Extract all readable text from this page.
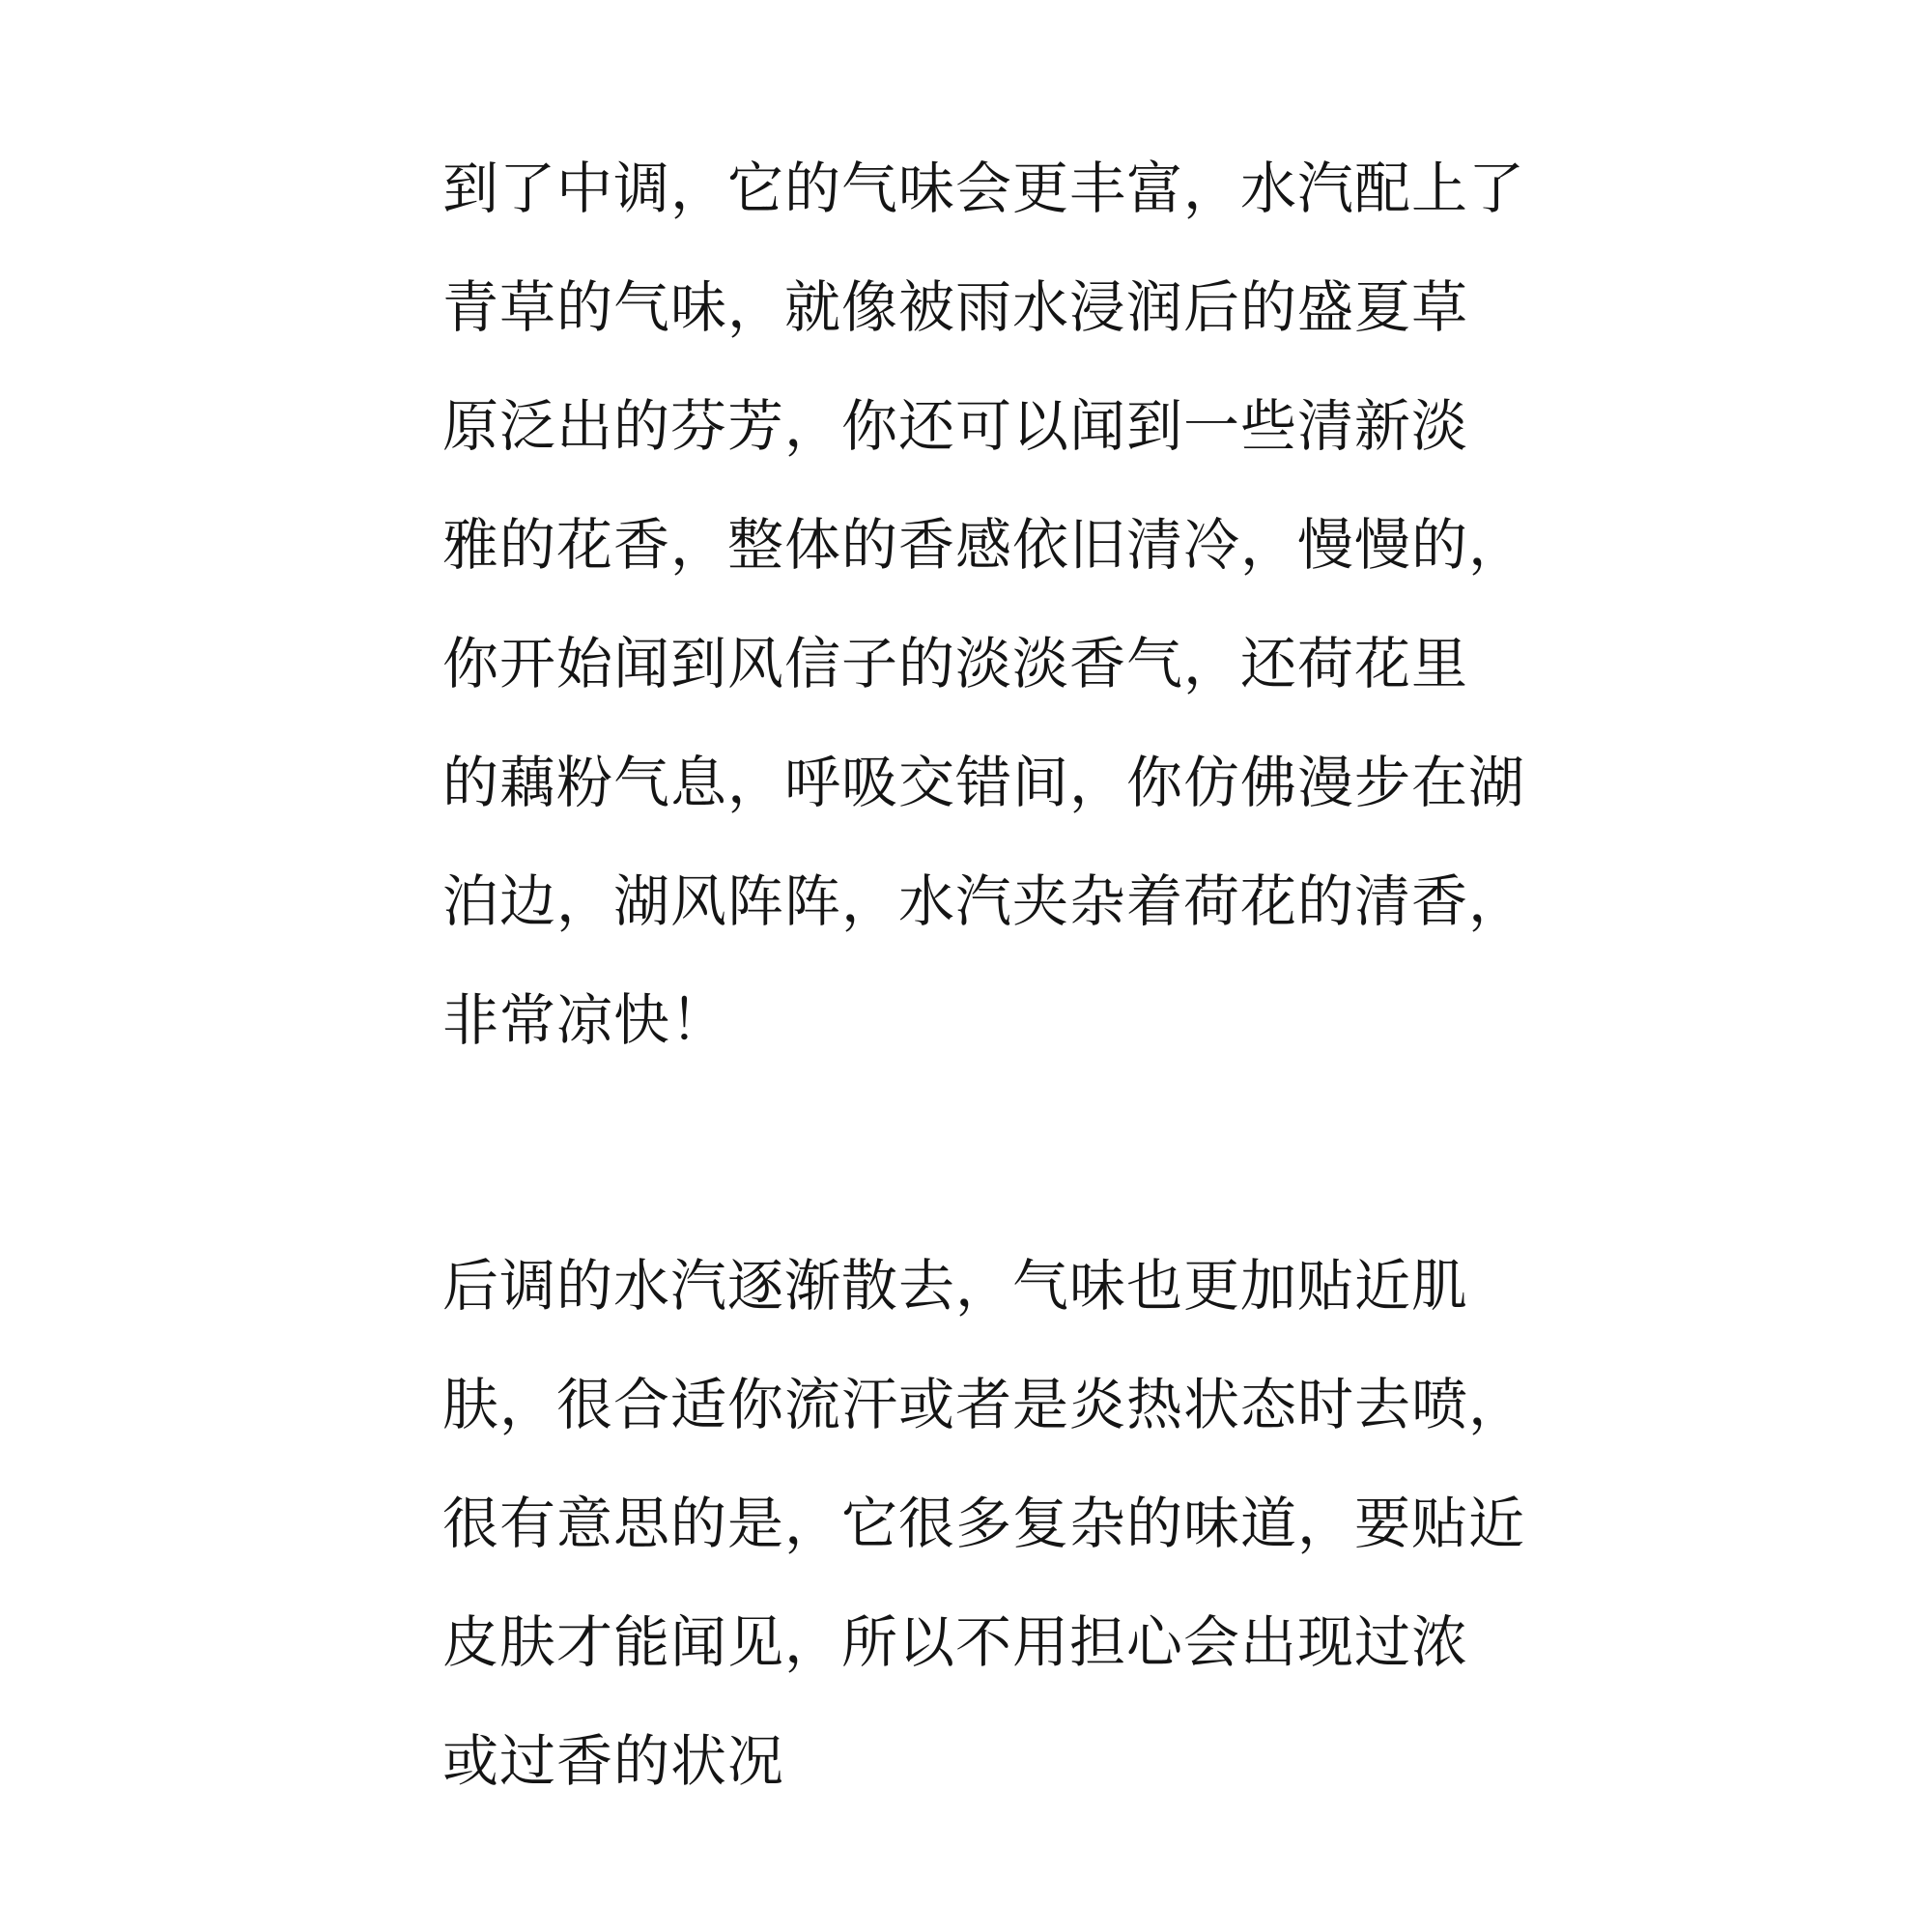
到了中调，它的气味会更丰富，水汽配上了
青草的气味，就像被雨水浸润后的盛夏草
原泛出的芬芳，你还可以闻到一些清新淡
雅的花香，整体的香感依旧清冷，慢慢的，
你开始闻到风信子的淡淡香气，还荷花里
的藕粉气息，呼吸交错间，你仿佛漫步在湖
泊边，湖风阵阵，水汽夹杂着荷花的清香，
非常凉快！
后调的水汽逐渐散去，气味也更加贴近肌
肤，很合适你流汗或者是炎热状态时去喷，
很有意思的是，它很多复杂的味道，要贴近
皮肤才能闻见，所以不用担心会出现过浓
或过香的状况
